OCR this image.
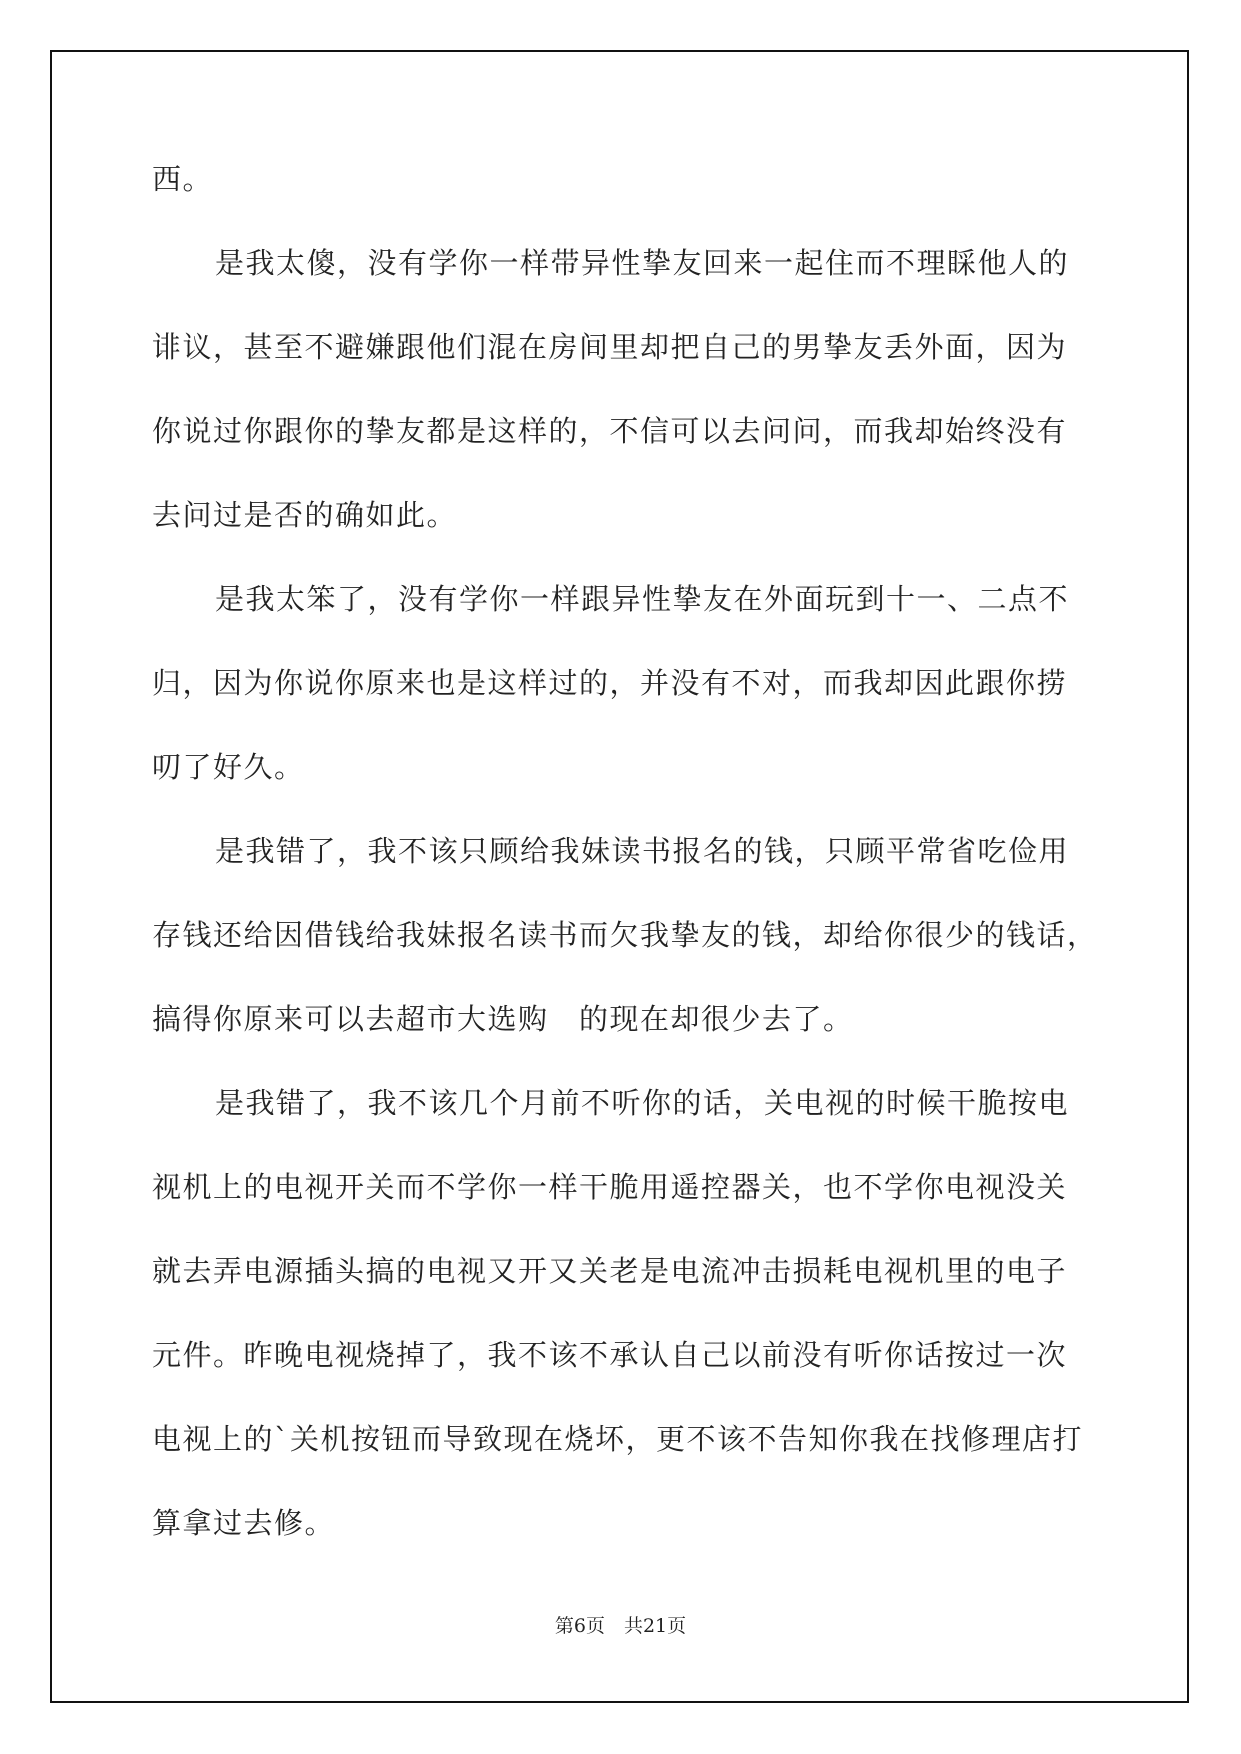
西。
是我太傻，没有学你一样带异性挚友回来一起住而不理睬他人的
诽议，甚至不避嫌跟他们混在房间里却把自己的男挚友丢外面，因为
你说过你跟你的挚友都是这样的，不信可以去问问，而我却始终没有
去问过是否的确如此。
是我太笨了，没有学你一样跟异性挚友在外面玩到十一、二点不
归，因为你说你原来也是这样过的，并没有不对，而我却因此跟你捞
叨了好久。
是我错了，我不该只顾给我妹读书报名的钱，只顾平常省吃俭用
存钱还给因借钱给我妹报名读书而欠我挚友的钱，却给你很少的钱话，
搞得你原来可以去超市大选购　的现在却很少去了。
是我错了，我不该几个月前不听你的话，关电视的时候干脆按电
视机上的电视开关而不学你一样干脆用遥控器关，也不学你电视没关
就去弄电源插头搞的电视又开又关老是电流冲击损耗电视机里的电子
元件。昨晚电视烧掉了，我不该不承认自己以前没有听你话按过一次
电视上的`关机按钮而导致现在烧坏，更不该不告知你我在找修理店打
算拿过去修。
第6页　共21页
